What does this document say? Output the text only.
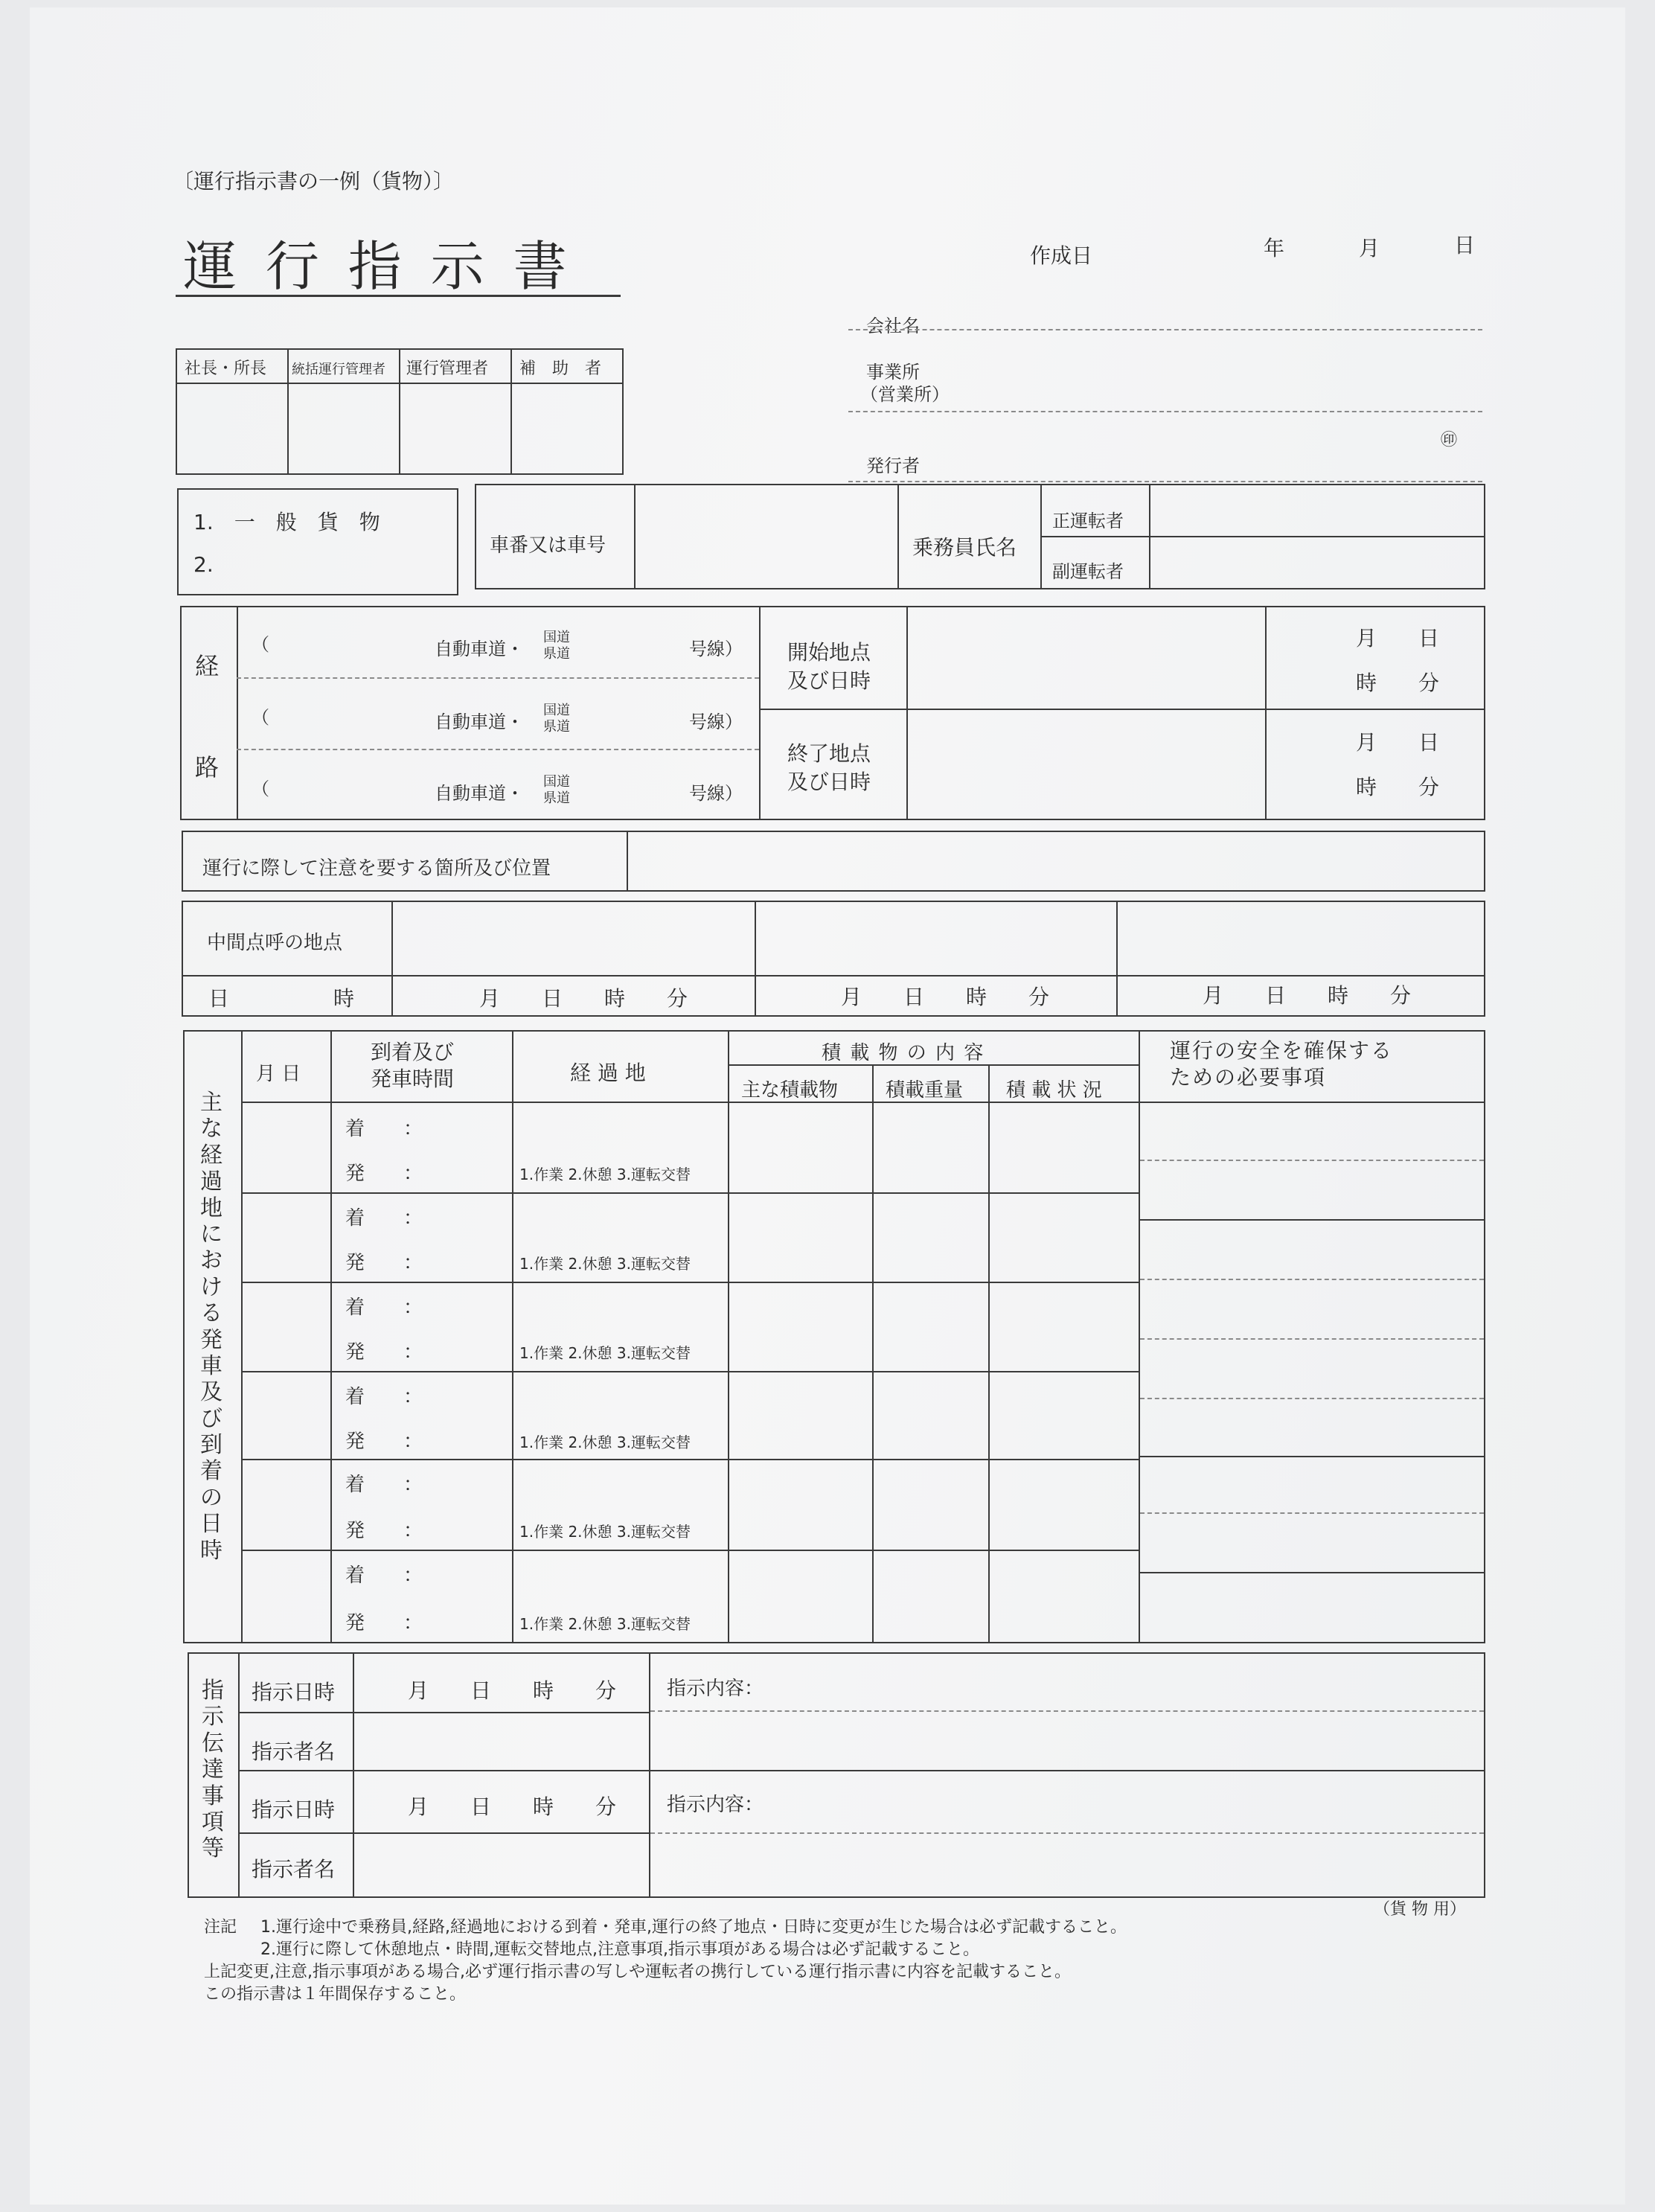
〔運行指示書の一例（貨物）〕
運 行 指 示 書	作成日	年	月	日
会社名
事業所
（営業所）
㊞
発行者
社長・所長 統括運行管理者 運行管理者 補　助　者
1.　一　般　貨　物
2.
車番又は車号	乗務員氏名
正運転者
副運転者
経
路
（	自動車道・
国道
県道	号線）
（	自動車道・
国道
県道	号線）
（	自動車道・
国道
県道	号線）
開始地点
及び日時
終了地点
及び日時
月　　日
時　　分
月　　日
時　　分
運行に際して注意を要する箇所及び位置
中間点呼の地点
日　　　　　時	月　　日　　時　　分	月　　日　　時　　分	月　　日　　時　　分
主な経過地における発車及び到着の日時
月 日
到着及び
発車時間	経 過 地
積 載 物 の 内 容
主な積載物 積載重量 積 載 状 況
運行の安全を確保する
ための必要事項
着　　：
発　　：	1.作業 2.休憩 3.運転交替
着　　：
発　　：	1.作業 2.休憩 3.運転交替
着　　：
発　　：	1.作業 2.休憩 3.運転交替
着　　：
発　　：	1.作業 2.休憩 3.運転交替
着　　：
発　　：	1.作業 2.休憩 3.運転交替
着　　：
発　　：	1.作業 2.休憩 3.運転交替
指示伝達事項等
指示日時	月　　日　　時　　分	指示内容：
指示者名
指示日時	月　　日　　時　　分	指示内容：
指示者名
注記 1.運行途中で乗務員,経路,経過地における到着・発車,運行の終了地点・日時に変更が生じた場合は必ず記載すること。
（貨 物 用）
2.運行に際して休憩地点・時間,運転交替地点,注意事項,指示事項がある場合は必ず記載すること。
上記変更,注意,指示事項がある場合,必ず運行指示書の写しや運転者の携行している運行指示書に内容を記載すること。
この指示書は１年間保存すること。
